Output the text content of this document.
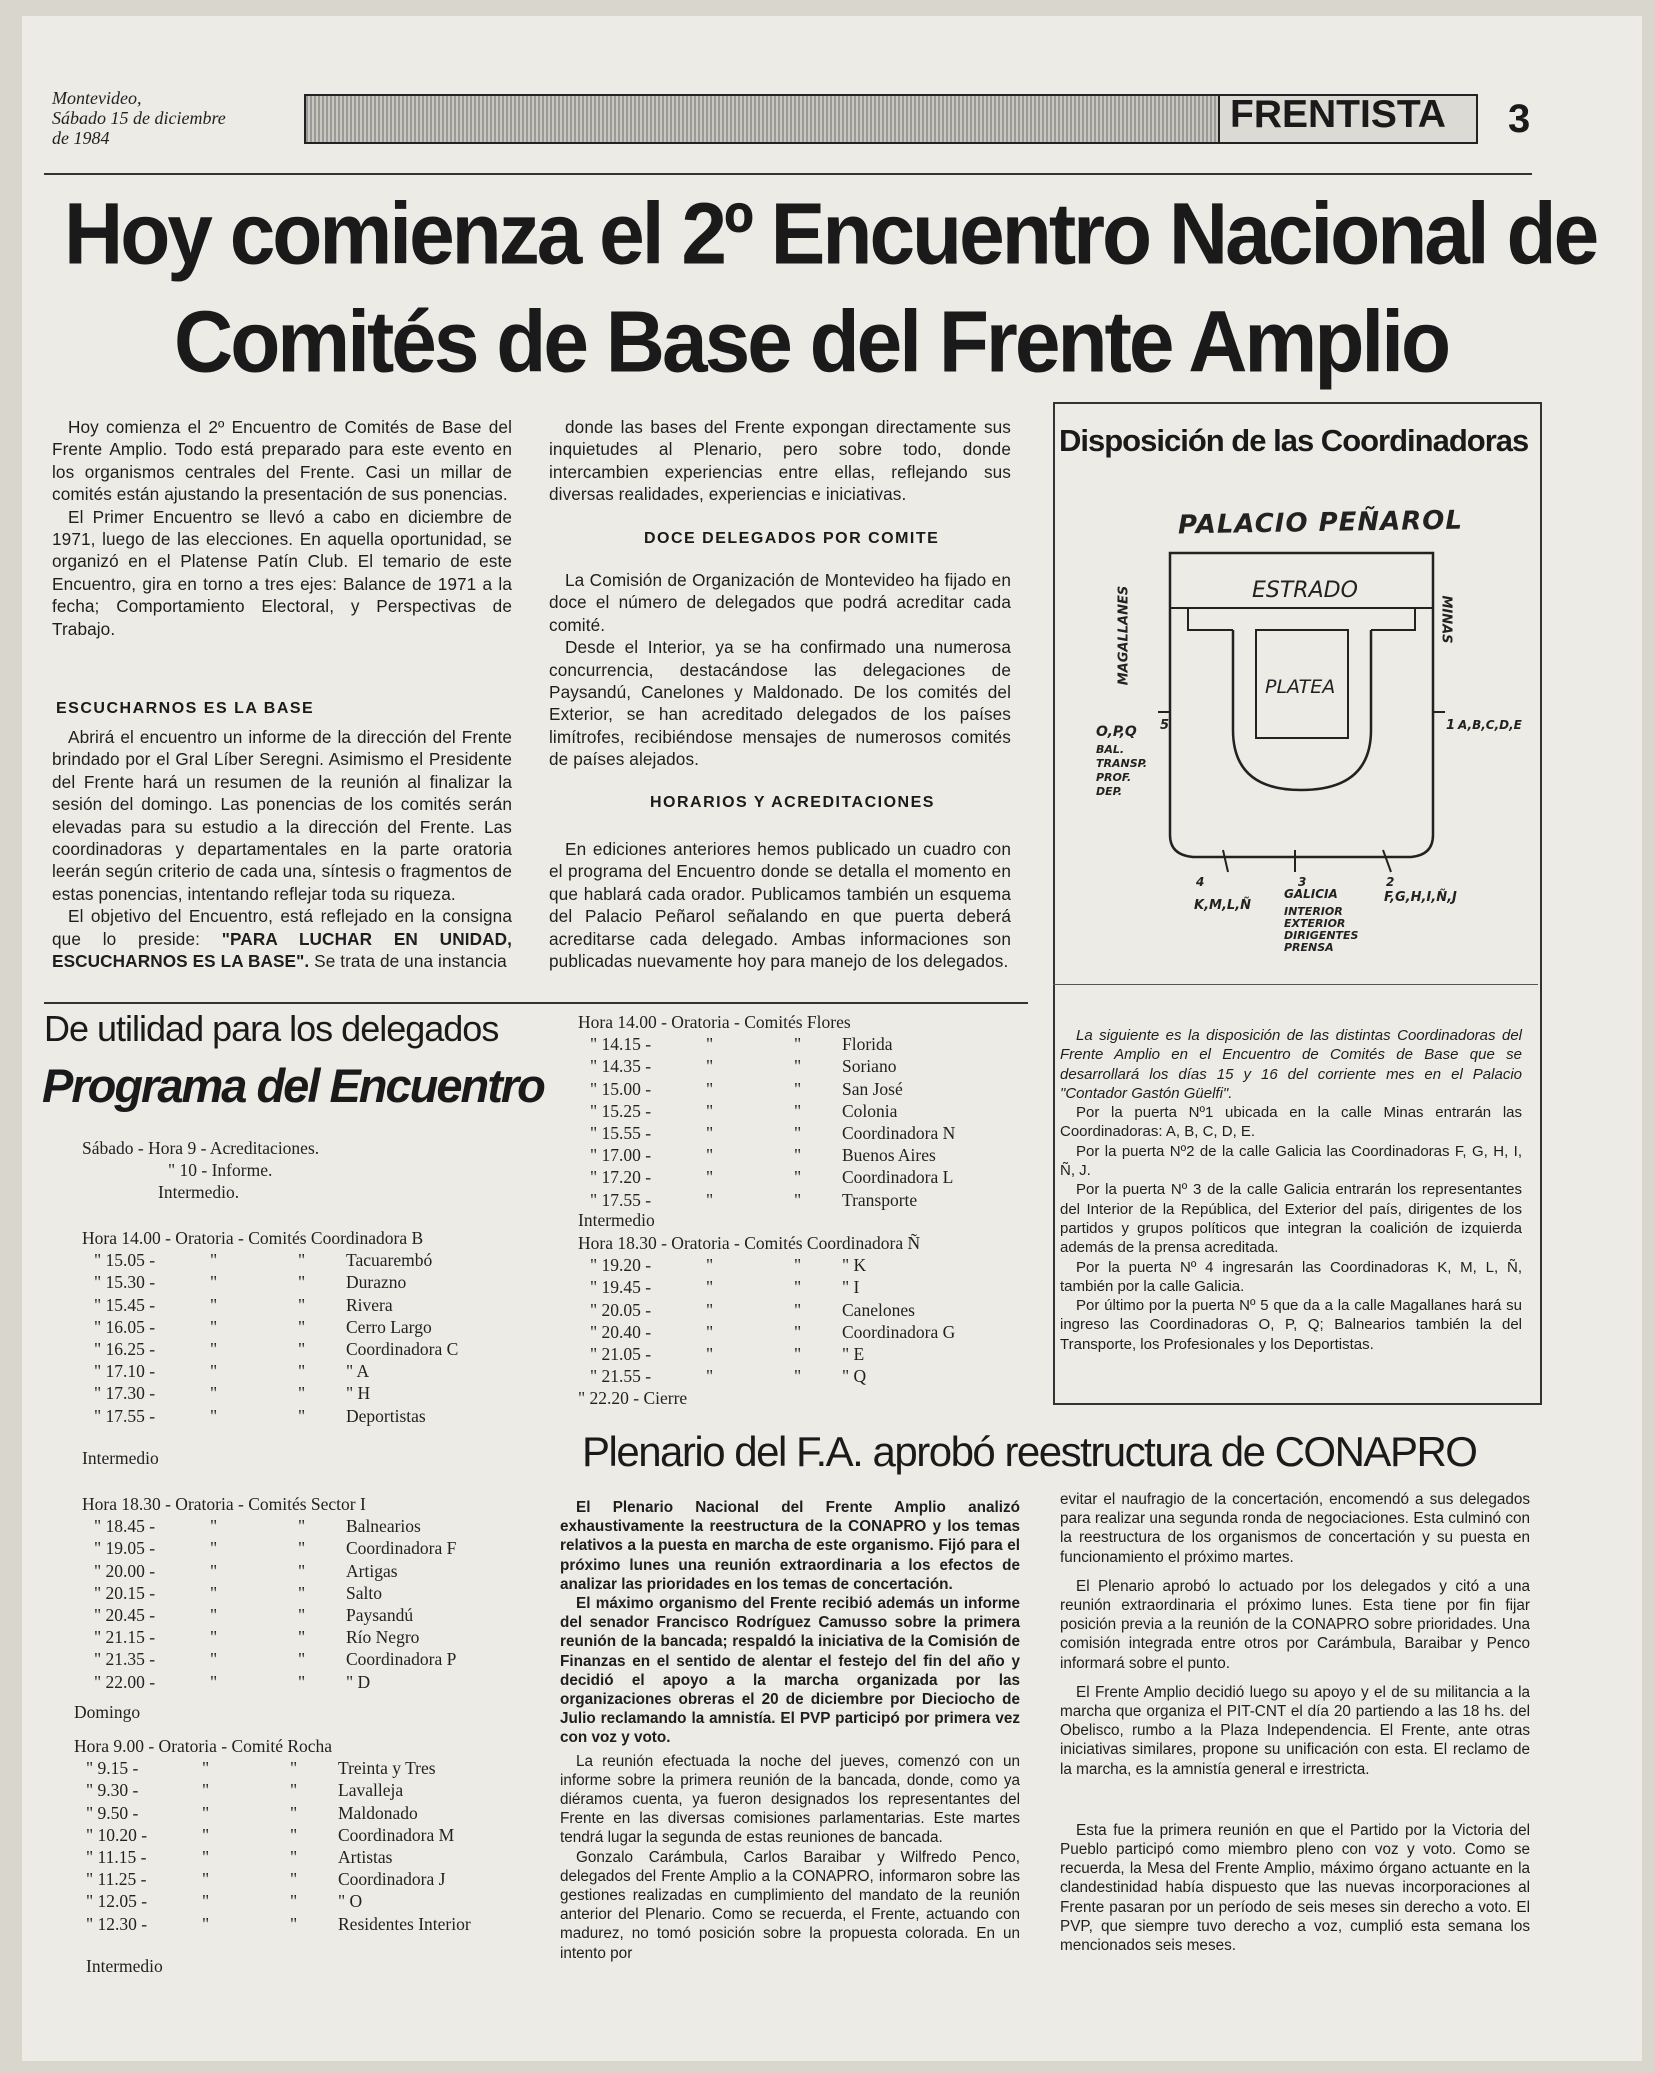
Montevideo,
Sábado 15 de diciembre
de 1984
FRENTISTA 3
Hoy comienza el 2º Encuentro Nacional de
Comités de Base del Frente Amplio

Hoy comienza el 2º Encuentro de Comités de Base del Frente Amplio. Todo está preparado para este evento en los organismos centrales del Frente. Casi un millar de comités están ajustando la presentación de sus ponencias.

El Primer Encuentro se llevó a cabo en diciembre de 1971, luego de las elecciones. En aquella oportunidad, se organizó en el Platense Patín Club. El temario de este Encuentro, gira en torno a tres ejes: Balance de 1971 a la fecha; Comportamiento Electoral, y Perspectivas de Trabajo.

ESCUCHARNOS ES LA BASE

Abrirá el encuentro un informe de la dirección del Frente brindado por el Gral Líber Seregni. Asimismo el Presidente del Frente hará un resumen de la reunión al finalizar la sesión del domingo. Las ponencias de los comités serán elevadas para su estudio a la dirección del Frente. Las coordinadoras y departamentales en la parte oratoria leerán según criterio de cada una, síntesis o fragmentos de estas ponencias, intentando reflejar toda su riqueza.

El objetivo del Encuentro, está reflejado en la consigna que lo preside: "PARA LUCHAR EN UNIDAD, ESCUCHARNOS ES LA BASE". Se trata de una instancia

donde las bases del Frente expongan directamente sus inquietudes al Plenario, pero sobre todo, donde intercambien experiencias entre ellas, reflejando sus diversas realidades, experiencias e iniciativas.

DOCE DELEGADOS POR COMITE

La Comisión de Organización de Montevideo ha fijado en doce el número de delegados que podrá acreditar cada comité.

Desde el Interior, ya se ha confirmado una numerosa concurrencia, destacándose las delegaciones de Paysandú, Canelones y Maldonado. De los comités del Exterior, se han acreditado delegados de los países limítrofes, recibiéndose mensajes de numerosos comités de países alejados.

HORARIOS Y ACREDITACIONES

En ediciones anteriores hemos publicado un cuadro con el programa del Encuentro donde se detalla el momento en que hablará cada orador. Publicamos también un esquema del Palacio Peñarol señalando en que puerta deberá acreditarse cada delegado. Ambas informaciones son publicadas nuevamente hoy para manejo de los delegados.

Disposición de las Coordinadoras
PALACIO PEÑAROL
ESTRADO
PLATEA
MAGALLANES	MINAS
5	1 A,B,C,D,E
O,P,Q
BAL.
TRANSP.
PROF.
DEP.
4	3	2
K,M,L,Ñ
GALICIA
INTERIOR
EXTERIOR
DIRIGENTES
PRENSA
F,G,H,I,Ñ,J

La siguiente es la disposición de las distintas Coordinadoras del Frente Amplio en el Encuentro de Comités de Base que se desarrollará los días 15 y 16 del corriente mes en el Palacio "Contador Gastón Güelfi".

Por la puerta Nº1 ubicada en la calle Minas entrarán las Coordinadoras: A, B, C, D, E.

Por la puerta Nº2 de la calle Galicia las Coordinadoras F, G, H, I, Ñ, J.

Por la puerta Nº 3 de la calle Galicia entrarán los representantes del Interior de la República, del Exterior del país, dirigentes de los partidos y grupos políticos que integran la coalición de izquierda además de la prensa acreditada.

Por la puerta Nº 4 ingresarán las Coordinadoras K, M, L, Ñ, también por la calle Galicia.

Por último por la puerta Nº 5 que da a la calle Magallanes hará su ingreso las Coordinadoras O, P, Q; Balnearios también la del Transporte, los Profesionales y los Deportistas.

De utilidad para los delegados
Programa del Encuentro
Sábado - Hora 9 - Acreditaciones.
" 10 - Informe.
Intermedio.
Hora 14.00 - Oratoria - Comités Coordinadora B
" 15.05 -	"	" Tacuarembó
" 15.30 -	"	" Durazno
" 15.45 -	"	" Rivera
" 16.05 -	"	" Cerro Largo
" 16.25 -	"	" Coordinadora C
" 17.10 -	"	" " A
" 17.30 -	"	" " H
" 17.55 -	"	" Deportistas
Intermedio
Hora 18.30 - Oratoria - Comités Sector I
" 18.45 -	"	" Balnearios
" 19.05 -	"	" Coordinadora F
" 20.00 -	"	" Artigas
" 20.15 -	"	" Salto
" 20.45 -	"	" Paysandú
" 21.15 -	"	" Río Negro
" 21.35 -	"	" Coordinadora P
" 22.00 -	"	" " D
Domingo
Hora 9.00 - Oratoria - Comité Rocha
" 9.15 -	"	" Treinta y Tres
" 9.30 -	"	" Lavalleja
" 9.50 -	"	" Maldonado
" 10.20 -	"	" Coordinadora M
" 11.15 -	"	" Artistas
" 11.25 -	"	" Coordinadora J
" 12.05 -	"	" " O
" 12.30 -	"	" Residentes Interior
Intermedio
Hora 14.00 - Oratoria - Comités Flores
" 14.15 -	"	" Florida
" 14.35 -	"	" Soriano
" 15.00 -	"	" San José
" 15.25 -	"	" Colonia
" 15.55 -	"	" Coordinadora N
" 17.00 -	"	" Buenos Aires
" 17.20 -	"	" Coordinadora L
" 17.55 -	"	" Transporte
Intermedio
Hora 18.30 - Oratoria - Comités Coordinadora Ñ
" 19.20 -	"	" " K
" 19.45 -	"	" " I
" 20.05 -	"	" Canelones
" 20.40 -	"	" Coordinadora G
" 21.05 -	"	" " E
" 21.55 -	"	" " Q
" 22.20 - Cierre
Plenario del F.A. aprobó reestructura de CONAPRO

El Plenario Nacional del Frente Amplio analizó exhaustivamente la reestructura de la CONAPRO y los temas relativos a la puesta en marcha de este organismo. Fijó para el próximo lunes una reunión extraordinaria a los efectos de analizar las prioridades en los temas de concertación.

El máximo organismo del Frente recibió además un informe del senador Francisco Rodríguez Camusso sobre la primera reunión de la bancada; respaldó la iniciativa de la Comisión de Finanzas en el sentido de alentar el festejo del fin del año y decidió el apoyo a la marcha organizada por las organizaciones obreras el 20 de diciembre por Dieciocho de Julio reclamando la amnistía. El PVP participó por primera vez con voz y voto.

La reunión efectuada la noche del jueves, comenzó con un informe sobre la primera reunión de la bancada, donde, como ya diéramos cuenta, ya fueron designados los representantes del Frente en las diversas comisiones parlamentarias. Este martes tendrá lugar la segunda de estas reuniones de bancada.

Gonzalo Carámbula, Carlos Baraibar y Wilfredo Penco, delegados del Frente Amplio a la CONAPRO, informaron sobre las gestiones realizadas en cumplimiento del mandato de la reunión anterior del Plenario. Como se recuerda, el Frente, actuando con madurez, no tomó posición sobre la propuesta colorada. En un intento por

evitar el naufragio de la concertación, encomendó a sus delegados para realizar una segunda ronda de negociaciones. Esta culminó con la reestructura de los organismos de concertación y su puesta en funcionamiento el próximo martes.

El Plenario aprobó lo actuado por los delegados y citó a una reunión extraordinaria el próximo lunes. Esta tiene por fin fijar posición previa a la reunión de la CONAPRO sobre prioridades. Una comisión integrada entre otros por Carámbula, Baraibar y Penco informará sobre el punto.

El Frente Amplio decidió luego su apoyo y el de su militancia a la marcha que organiza el PIT-CNT el día 20 partiendo a las 18 hs. del Obelisco, rumbo a la Plaza Independencia. El Frente, ante otras iniciativas similares, propone su unificación con esta. El reclamo de la marcha, es la amnistía general e irrestricta.

Esta fue la primera reunión en que el Partido por la Victoria del Pueblo participó como miembro pleno con voz y voto. Como se recuerda, la Mesa del Frente Amplio, máximo órgano actuante en la clandestinidad había dispuesto que las nuevas incorporaciones al Frente pasaran por un período de seis meses sin derecho a voto. El PVP, que siempre tuvo derecho a voz, cumplió esta semana los mencionados seis meses.
